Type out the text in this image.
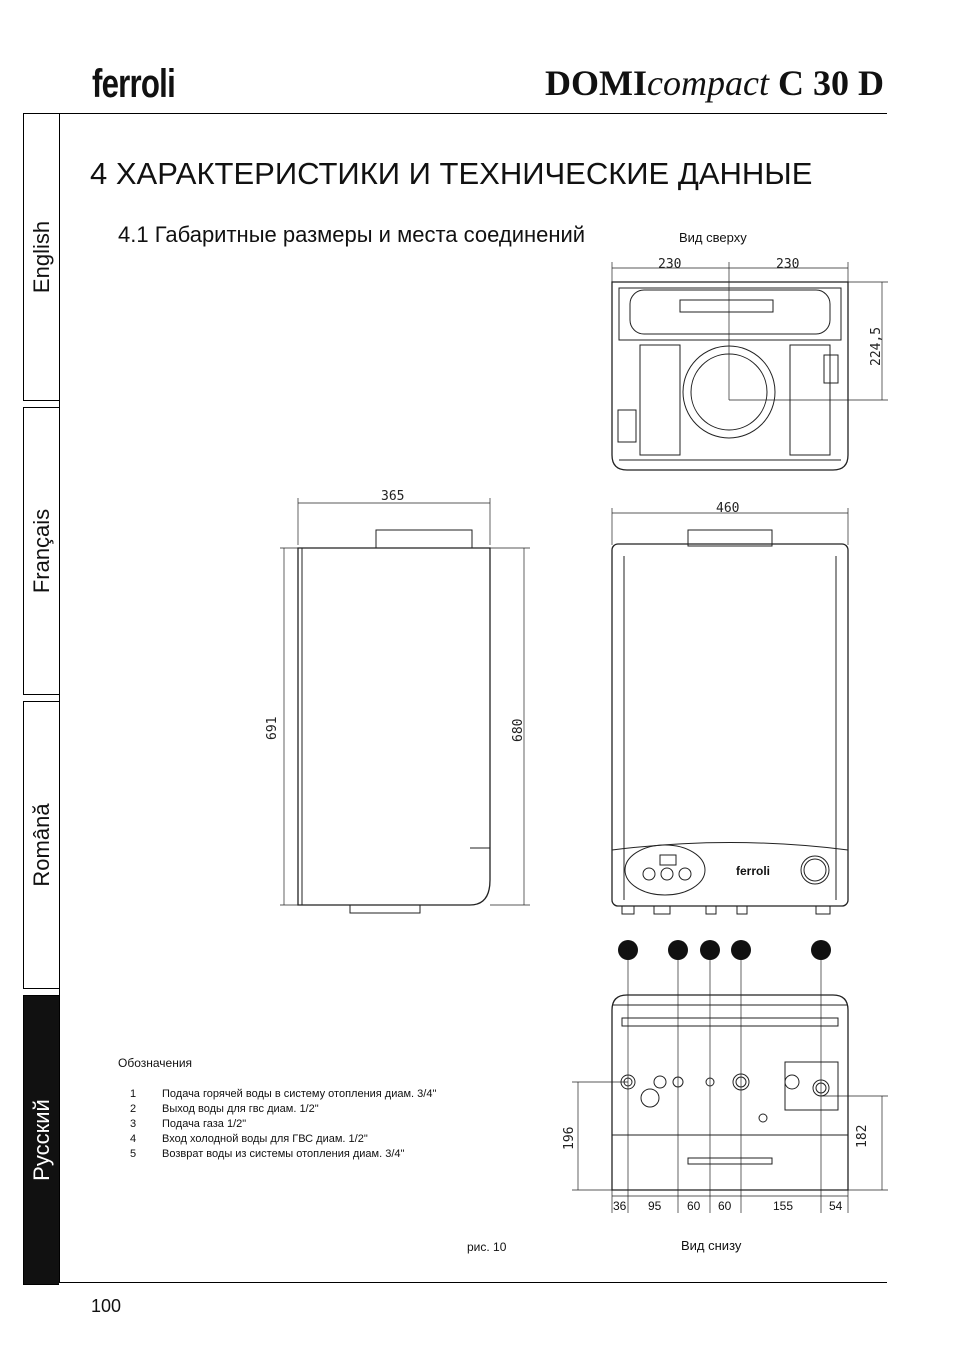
ferroli	DOMIcompact C 30 D
English
Français
Română
Русский
4 ХАРАКТЕРИСТИКИ И ТЕХНИЧЕСКИЕ ДАННЫЕ
4.1 Габаритные размеры и места соединений	Вид сверху
230	230
224,5
365
691	680
460
ferroli
1	2 3 4	5
196	182
36 95 60 60	155	54
Обозначения
1	Подача горячей воды в систему отопления диам. 3/4"
2	Выход воды для гвс диам. 1/2"
3	Подача газа 1/2"
4	Вход холодной воды для ГВС диам. 1/2"
5	Возврат воды из системы отопления диам. 3/4"
рис. 10	Вид снизу
100
